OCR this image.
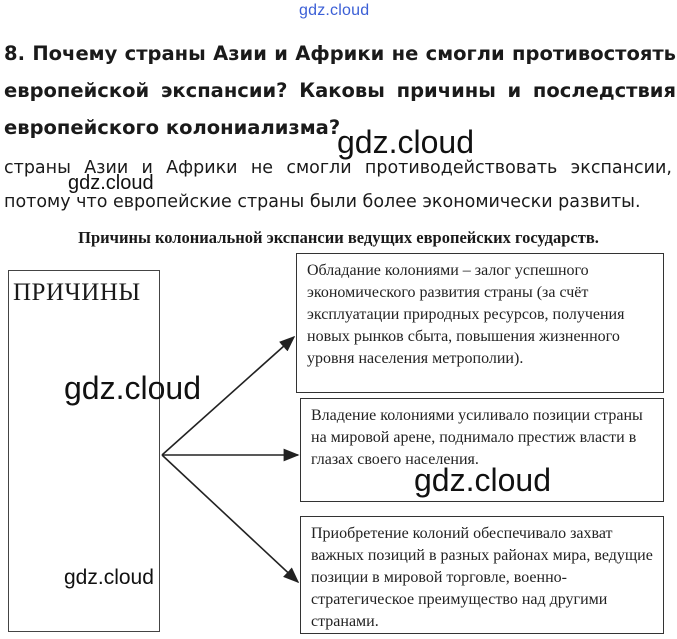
gdz.cloud

8. Почему страны Азии и Африки не смогли противостоять европейской экспансии? Каковы причины и последствия европейского колониализма?

страны Азии и Африки не смогли противодействовать экспансии, потому что европейские страны были более экономически развиты.

Причины колониальной экспансии ведущих европейских государств.

ПРИЧИНЫ
Обладание колониями – залог успешного экономического развития страны (за счёт эксплуатации природных ресурсов, получения новых рынков сбыта, повышения жизненного уровня населения метрополии).
Владение колониями усиливало позиции страны на мировой арене, поднимало престиж власти в глазах своего населения.
Приобретение колоний обеспечивало захват важных позиций в разных районах мира, ведущие позиции в мировой торговле, военно-стратегическое преимущество над другими странами.
gdz.cloud
gdz.cloud
gdz.cloud
gdz.cloud
gdz.cloud
